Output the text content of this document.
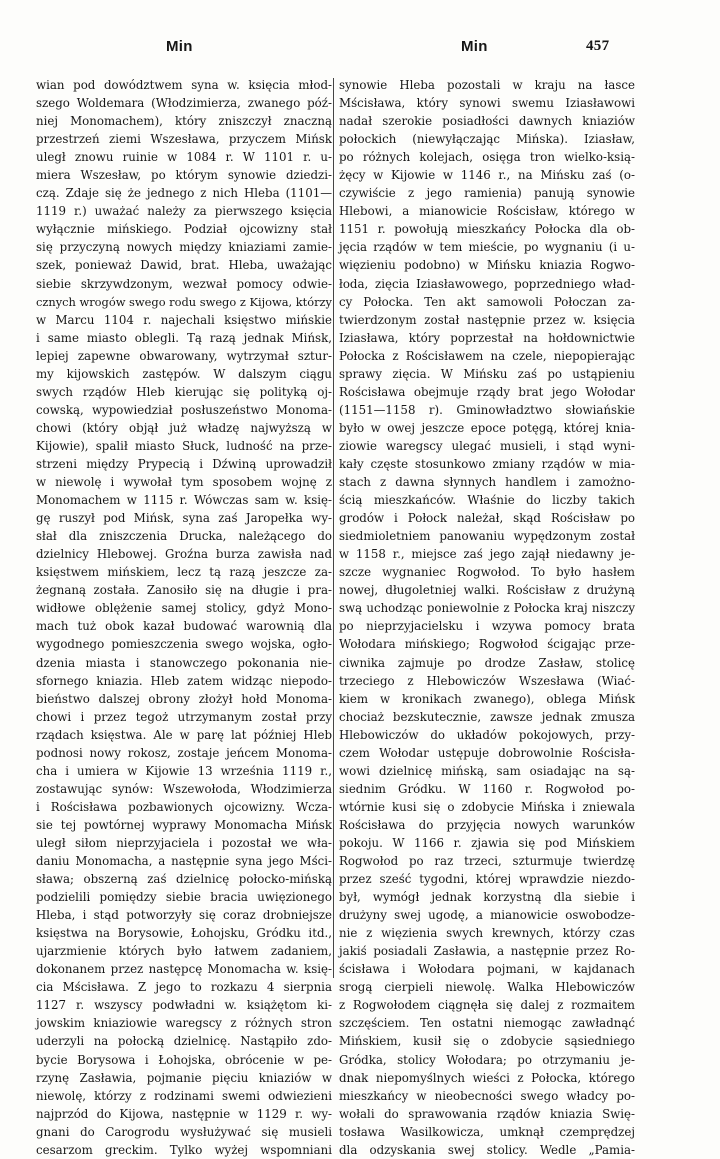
Min	Min	457
wian pod dowództwem syna w. księcia młod-
szego Woldemara (Włodzimierza, zwanego póź-
niej Monomachem), który zniszczył znaczną
przestrzeń ziemi Wszesława, przyczem Mińsk
uległ znowu ruinie w 1084 r. W 1101 r. u-
miera Wszesław, po którym synowie dziedzi-
czą. Zdaje się że jednego z nich Hleba (1101—
1119 r.) uważać należy za pierwszego księcia
wyłącznie mińskiego. Podział ojcowizny stał
się przyczyną nowych między kniaziami zamie-
szek, ponieważ Dawid, brat. Hleba, uważając
siebie skrzywdzonym, wezwał pomocy odwie-
cznych wrogów swego rodu swego z Kijowa, którzy
w Marcu 1104 r. najechali księstwo mińskie
i same miasto oblegli. Tą razą jednak Mińsk,
lepiej zapewne obwarowany, wytrzymał sztur-
my kijowskich zastępów. W dalszym ciągu
swych rządów Hleb kierując się polityką oj-
cowską, wypowiedział posłuszeństwo Monoma-
chowi (który objął już władzę najwyższą w
Kijowie), spalił miasto Słuck, ludność na prze-
strzeni między Prypecią i Dźwiną uprowadził
w niewolę i wywołał tym sposobem wojnę z
Monomachem w 1115 r. Wówczas sam w. księ-
gę ruszył pod Mińsk, syna zaś Jaropełka wy-
słał dla zniszczenia Drucka, należącego do
dzielnicy Hlebowej. Groźna burza zawisła nad
księstwem mińskiem, lecz tą razą jeszcze za-
żegnaną została. Zanosiło się na długie i pra-
widłowe oblężenie samej stolicy, gdyż Mono-
mach tuż obok kazał budować warownią dla
wygodnego pomieszczenia swego wojska, ogło-
dzenia miasta i stanowczego pokonania nie-
sfornego kniazia. Hleb zatem widząc niepodo-
bieństwo dalszej obrony złożył hołd Monoma-
chowi i przez tegoż utrzymanym został przy
rządach księstwa. Ale w parę lat później Hleb
podnosi nowy rokosz, zostaje jeńcem Monoma-
cha i umiera w Kijowie 13 września 1119 r.,
zostawując synów: Wszewołoda, Włodzimierza
i Rościsława pozbawionych ojcowizny. Wcza-
sie tej powtórnej wyprawy Monomacha Mińsk
uległ siłom nieprzyjaciela i pozostał we wła-
daniu Monomacha, a następnie syna jego Mści-
sława; obszerną zaś dzielnicę połocko-mińską
podzielili pomiędzy siebie bracia uwięzionego
Hleba, i stąd potworzyły się coraz drobniejsze
księstwa na Borysowie, Łohojsku, Gródku itd.,
ujarzmienie których było łatwem zadaniem,
dokonanem przez następcę Monomacha w. księ-
cia Mścisława. Z jego to rozkazu 4 sierpnia
1127 r. wszyscy podwładni w. książętom ki-
jowskim kniaziowie waregscy z różnych stron
uderzyli na połocką dzielnicę. Nastąpiło zdo-
bycie Borysowa i Łohojska, obrócenie w pe-
rzynę Zasławia, pojmanie pięciu kniaziów w
niewolę, którzy z rodzinami swemi odwiezieni
najprzód do Kijowa, następnie w 1129 r. wy-
gnani do Carogrodu wysłużywać się musieli
cesarzom greckim. Tylko wyżej wspomniani
synowie Hleba pozostali w kraju na łasce
Mścisława, który synowi swemu Iziasławowi
nadał szerokie posiadłości dawnych kniaziów
połockich (niewyłączając Mińska). Iziasław,
po różnych kolejach, osięga tron wielko-ksią-
żęcy w Kijowie w 1146 r., na Mińsku zaś (o-
czywiście z jego ramienia) panują synowie
Hlebowi, a mianowicie Rościsław, którego w
1151 r. powołują mieszkańcy Połocka dla ob-
jęcia rządów w tem mieście, po wygnaniu (i u-
więzieniu podobno) w Mińsku kniazia Rogwo-
łoda, zięcia Iziasławowego, poprzedniego wład-
cy Połocka. Ten akt samowoli Połoczan za-
twierdzonym został następnie przez w. księcia
Iziasława, który poprzestał na hołdownictwie
Połocka z Rościsławem na czele, niepopierając
sprawy zięcia. W Mińsku zaś po ustąpieniu
Rościsława obejmuje rządy brat jego Wołodar
(1151—1158 r). Gminowładztwo słowiańskie
było w owej jeszcze epoce potęgą, której knia-
ziowie waregscy ulegać musieli, i stąd wyni-
kały częste stosunkowo zmiany rządów w mia-
stach z dawna słynnych handlem i zamożno-
ścią mieszkańców. Właśnie do liczby takich
grodów i Połock należał, skąd Rościsław po
siedmioletniem panowaniu wypędzonym został
w 1158 r., miejsce zaś jego zajął niedawny je-
szcze wygnaniec Rogwołod. To było hasłem
nowej, długoletniej walki. Rościsław z drużyną
swą uchodząc poniewolnie z Połocka kraj niszczy
po nieprzyjacielsku i wzywa pomocy brata
Wołodara mińskiego; Rogwołod ścigając prze-
ciwnika zajmuje po drodze Zasław, stolicę
trzeciego z Hlebowiczów Wszesława (Wiać-
kiem w kronikach zwanego), oblega Mińsk
chociaż bezskutecznie, zawsze jednak zmusza
Hlebowiczów do układów pokojowych, przy-
czem Wołodar ustępuje dobrowolnie Rościsła-
wowi dzielnicę mińską, sam osiadając na są-
siednim Gródku. W 1160 r. Rogwołod po-
wtórnie kusi się o zdobycie Mińska i zniewala
Rościsława do przyjęcia nowych warunków
pokoju. W 1166 r. zjawia się pod Mińskiem
Rogwołod po raz trzeci, szturmuje twierdzę
przez sześć tygodni, której wprawdzie niezdo-
był, wymógł jednak korzystną dla siebie i
drużyny swej ugodę, a mianowicie oswobodze-
nie z więzienia swych krewnych, którzy czas
jakiś posiadali Zasławia, a następnie przez Ro-
ścisława i Wołodara pojmani, w kajdanach
srogą cierpieli niewolę. Walka Hlebowiczów
z Rogwołodem ciągnęła się dalej z rozmaitem
szczęściem. Ten ostatni niemogąc zawładnąć
Mińskiem, kusił się o zdobycie sąsiedniego
Gródka, stolicy Wołodara; po otrzymaniu je-
dnak niepomyślnych wieści z Połocka, którego
mieszkańcy w nieobecności swego władcy po-
wołali do sprawowania rządów kniazia Swię-
tosława Wasilkowicza, umknął czemprędzej
dla odzyskania swej stolicy. Wedle „Pamia-
